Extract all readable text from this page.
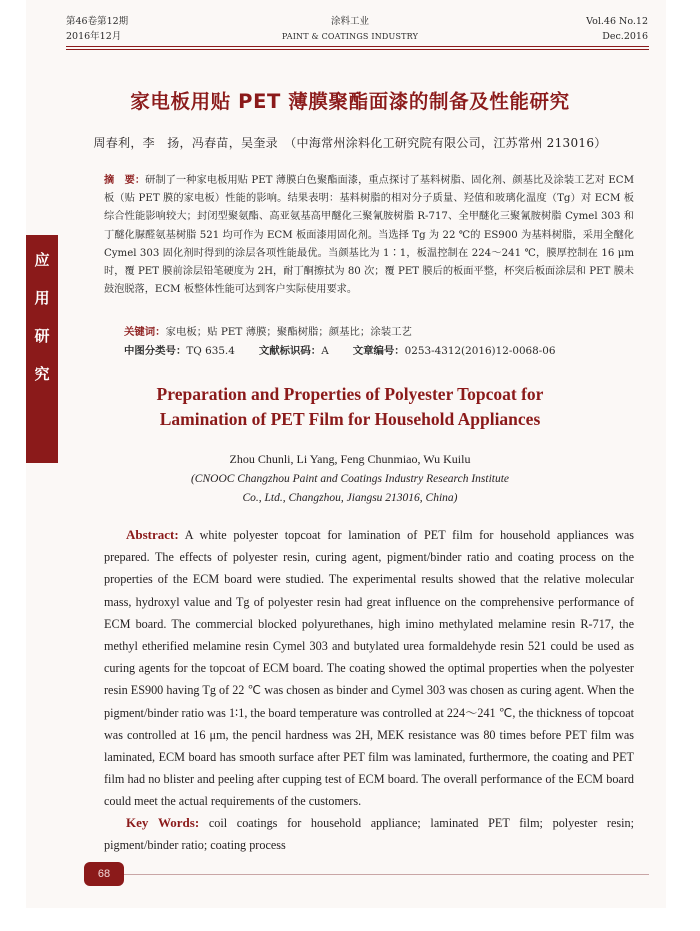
第46卷第12期
2016年12月
涂料工业
PAINT & COATINGS INDUSTRY
Vol.46 No.12
Dec.2016
应
用
研
究
家电板用贴 PET 薄膜聚酯面漆的制备及性能研究
周春利，李　扬，冯春苗，吴奎录　（中海常州涂料化工研究院有限公司，江苏常州 213016）
摘　要：研制了一种家电板用贴 PET 薄膜白色聚酯面漆，重点探讨了基料树脂、固化剂、颜基比及涂装工艺对 ECM 板（贴 PET 膜的家电板）性能的影响。结果表明：基料树脂的相对分子质量、羟值和玻璃化温度（Tg）对 ECM 板综合性能影响较大；封闭型聚氨酯、高亚氨基高甲醚化三聚氰胺树脂 R-717、全甲醚化三聚氰胺树脂 Cymel 303 和丁醚化脲醛氨基树脂 521 均可作为 ECM 板面漆用固化剂。当选择 Tg 为 22 ℃的 ES900 为基料树脂，采用全醚化 Cymel 303 固化剂时得到的涂层各项性能最优。当颜基比为 1∶1，板温控制在 224～241 ℃，膜厚控制在 16 μm 时，覆 PET 膜前涂层铅笔硬度为 2H，耐丁酮擦拭为 80 次；覆 PET 膜后的板面平整，杯突后板面涂层和 PET 膜未鼓泡脱落，ECM 板整体性能可达到客户实际使用要求。
关键词：家电板；贴 PET 薄膜；聚酯树脂；颜基比；涂装工艺
中图分类号：TQ 635.4 文献标识码：A 文章编号：0253-4312(2016)12-0068-06
Preparation and Properties of Polyester Topcoat for
Lamination of PET Film for Household Appliances
Zhou Chunli, Li Yang, Feng Chunmiao, Wu Kuilu
(CNOOC Changzhou Paint and Coatings Industry Research Institute
Co., Ltd., Changzhou, Jiangsu 213016, China)
Abstract: A white polyester topcoat for lamination of PET film for household appliances was prepared. The effects of polyester resin, curing agent, pigment/binder ratio and coating process on the properties of the ECM board were studied. The experimental results showed that the relative molecular mass, hydroxyl value and Tg of polyester resin had great influence on the comprehensive performance of ECM board. The commercial blocked polyurethanes, high imino methylated melamine resin R-717, the methyl etherified melamine resin Cymel 303 and butylated urea formaldehyde resin 521 could be used as curing agents for the topcoat of ECM board. The coating showed the optimal properties when the polyester resin ES900 having Tg of 22 ℃ was chosen as binder and Cymel 303 was chosen as curing agent. When the pigment/binder ratio was 1∶1, the board temperature was controlled at 224～241 ℃, the thickness of topcoat was controlled at 16 μm, the pencil hardness was 2H, MEK resistance was 80 times before PET film was laminated, ECM board has smooth surface after PET film was laminated, furthermore, the coating and PET film had no blister and peeling after cupping test of ECM board. The overall performance of the ECM board could meet the actual requirements of the customers.
Key Words: coil coatings for household appliance; laminated PET film; polyester resin; pigment/binder ratio; coating process
68
